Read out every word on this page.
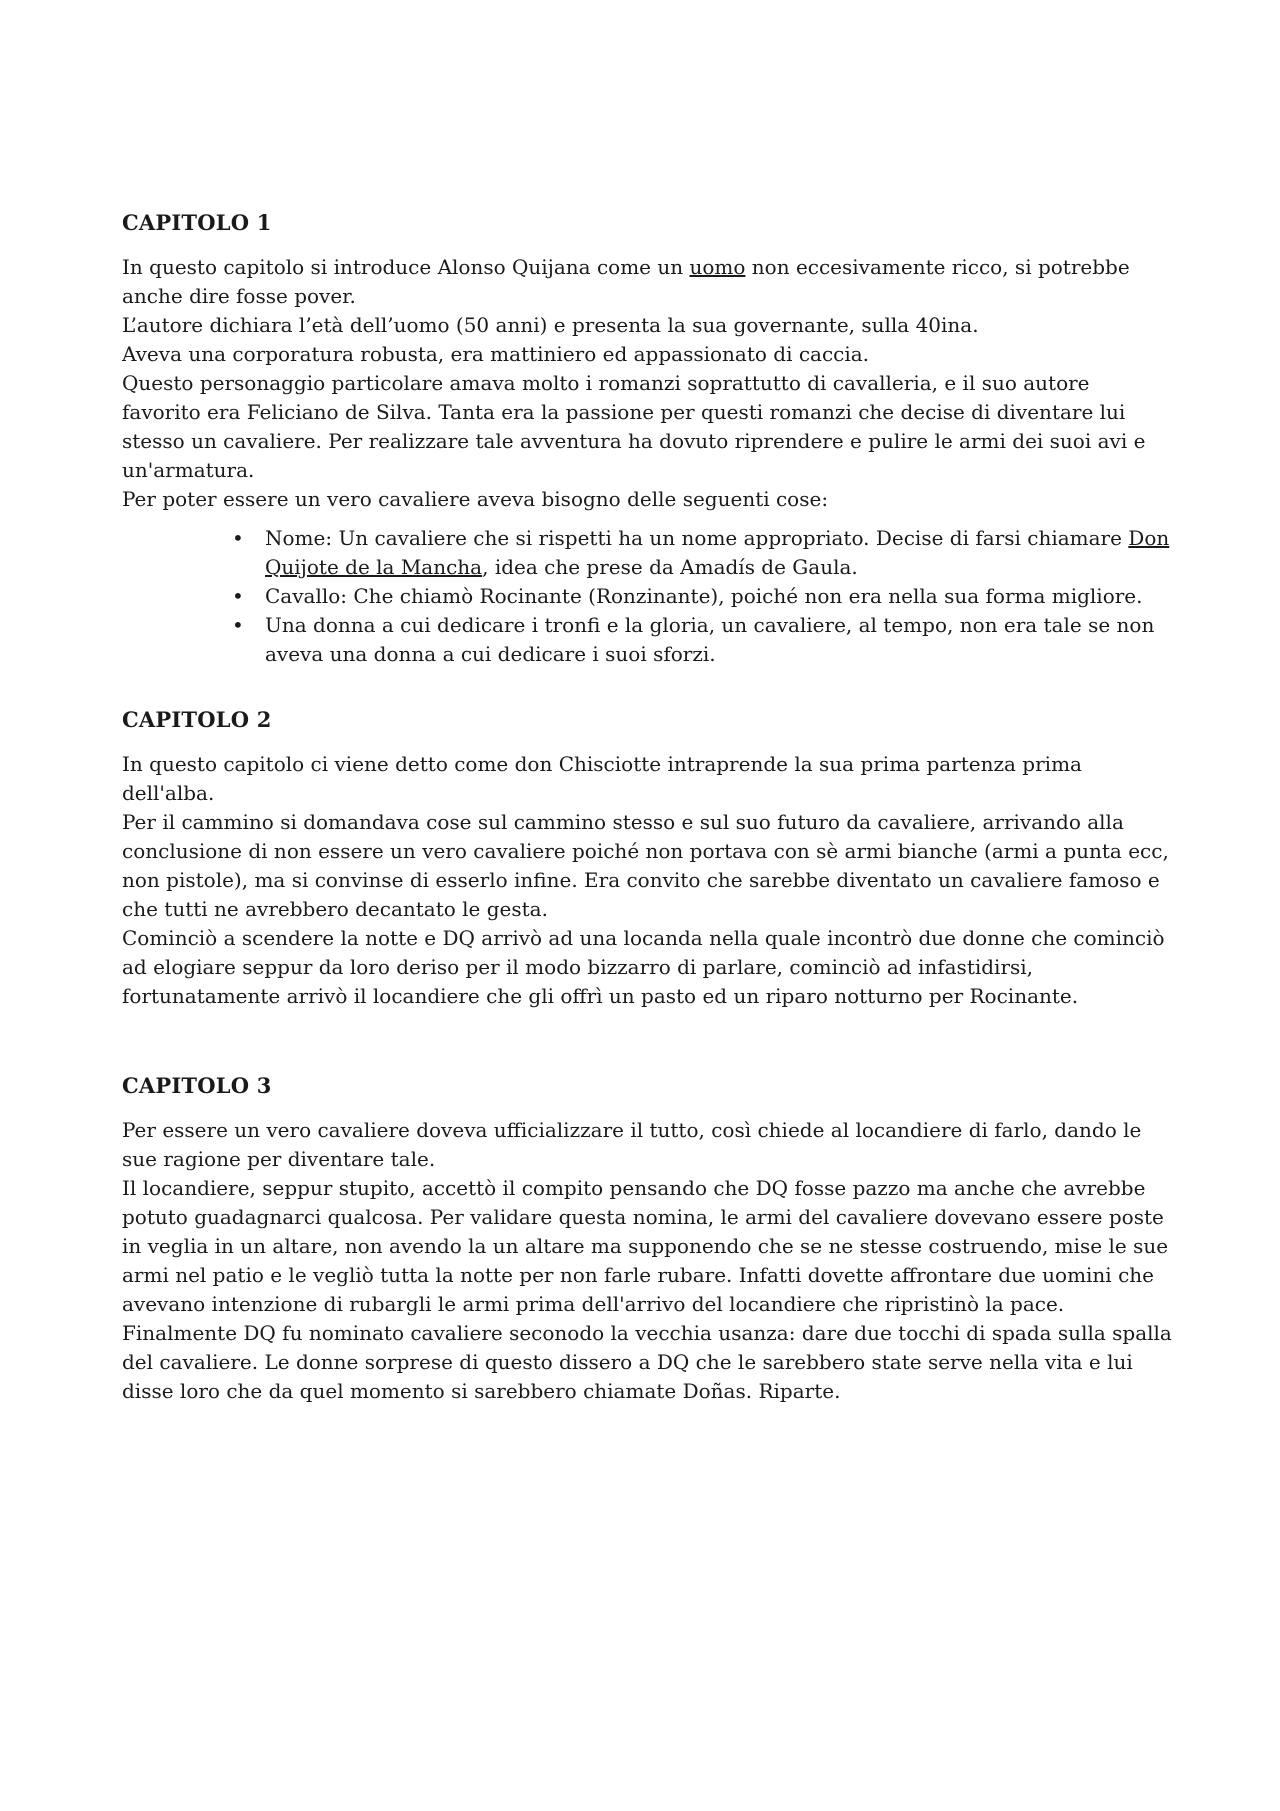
CAPITOLO 1

In questo capitolo si introduce Alonso Quijana come un uomo non eccesivamente ricco, si potrebbe anche dire fosse pover.

L’autore dichiara l’età dell’uomo (50 anni) e presenta la sua governante, sulla 40ina.

Aveva una corporatura robusta, era mattiniero ed appassionato di caccia.

Questo personaggio particolare amava molto i romanzi soprattutto di cavalleria, e il suo autore favorito era Feliciano de Silva. Tanta era la passione per questi romanzi che decise di diventare lui stesso un cavaliere. Per realizzare tale avventura ha dovuto riprendere e pulire le armi dei suoi avi e un'armatura.

Per poter essere un vero cavaliere aveva bisogno delle seguenti cose:

• Nome: Un cavaliere che si rispetti ha un nome appropriato. Decise di farsi chiamare Don Quijote de la Mancha, idea che prese da Amadís de Gaula.
• Cavallo: Che chiamò Rocinante (Ronzinante), poiché non era nella sua forma migliore.
• Una donna a cui dedicare i tronfi e la gloria, un cavaliere, al tempo, non era tale se non aveva una donna a cui dedicare i suoi sforzi.
CAPITOLO 2

In questo capitolo ci viene detto come don Chisciotte intraprende la sua prima partenza prima dell'alba.

Per il cammino si domandava cose sul cammino stesso e sul suo futuro da cavaliere, arrivando alla conclusione di non essere un vero cavaliere poiché non portava con sè armi bianche (armi a punta ecc, non pistole), ma si convinse di esserlo infine. Era convito che sarebbe diventato un cavaliere famoso e che tutti ne avrebbero decantato le gesta.

Cominciò a scendere la notte e DQ arrivò ad una locanda nella quale incontrò due donne che cominciò ad elogiare seppur da loro deriso per il modo bizzarro di parlare, cominciò ad infastidirsi, fortunatamente arrivò il locandiere che gli offrì un pasto ed un riparo notturno per Rocinante.

CAPITOLO 3

Per essere un vero cavaliere doveva ufficializzare il tutto, così chiede al locandiere di farlo, dando le sue ragione per diventare tale.

Il locandiere, seppur stupito, accettò il compito pensando che DQ fosse pazzo ma anche che avrebbe potuto guadagnarci qualcosa. Per validare questa nomina, le armi del cavaliere dovevano essere poste in veglia in un altare, non avendo la un altare ma supponendo che se ne stesse costruendo, mise le sue armi nel patio e le vegliò tutta la notte per non farle rubare. Infatti dovette affrontare due uomini che avevano intenzione di rubargli le armi prima dell'arrivo del locandiere che ripristinò la pace. Finalmente DQ fu nominato cavaliere seconodo la vecchia usanza: dare due tocchi di spada sulla spalla del cavaliere. Le donne sorprese di questo dissero a DQ che le sarebbero state serve nella vita e lui disse loro che da quel momento si sarebbero chiamate Doñas. Riparte.
